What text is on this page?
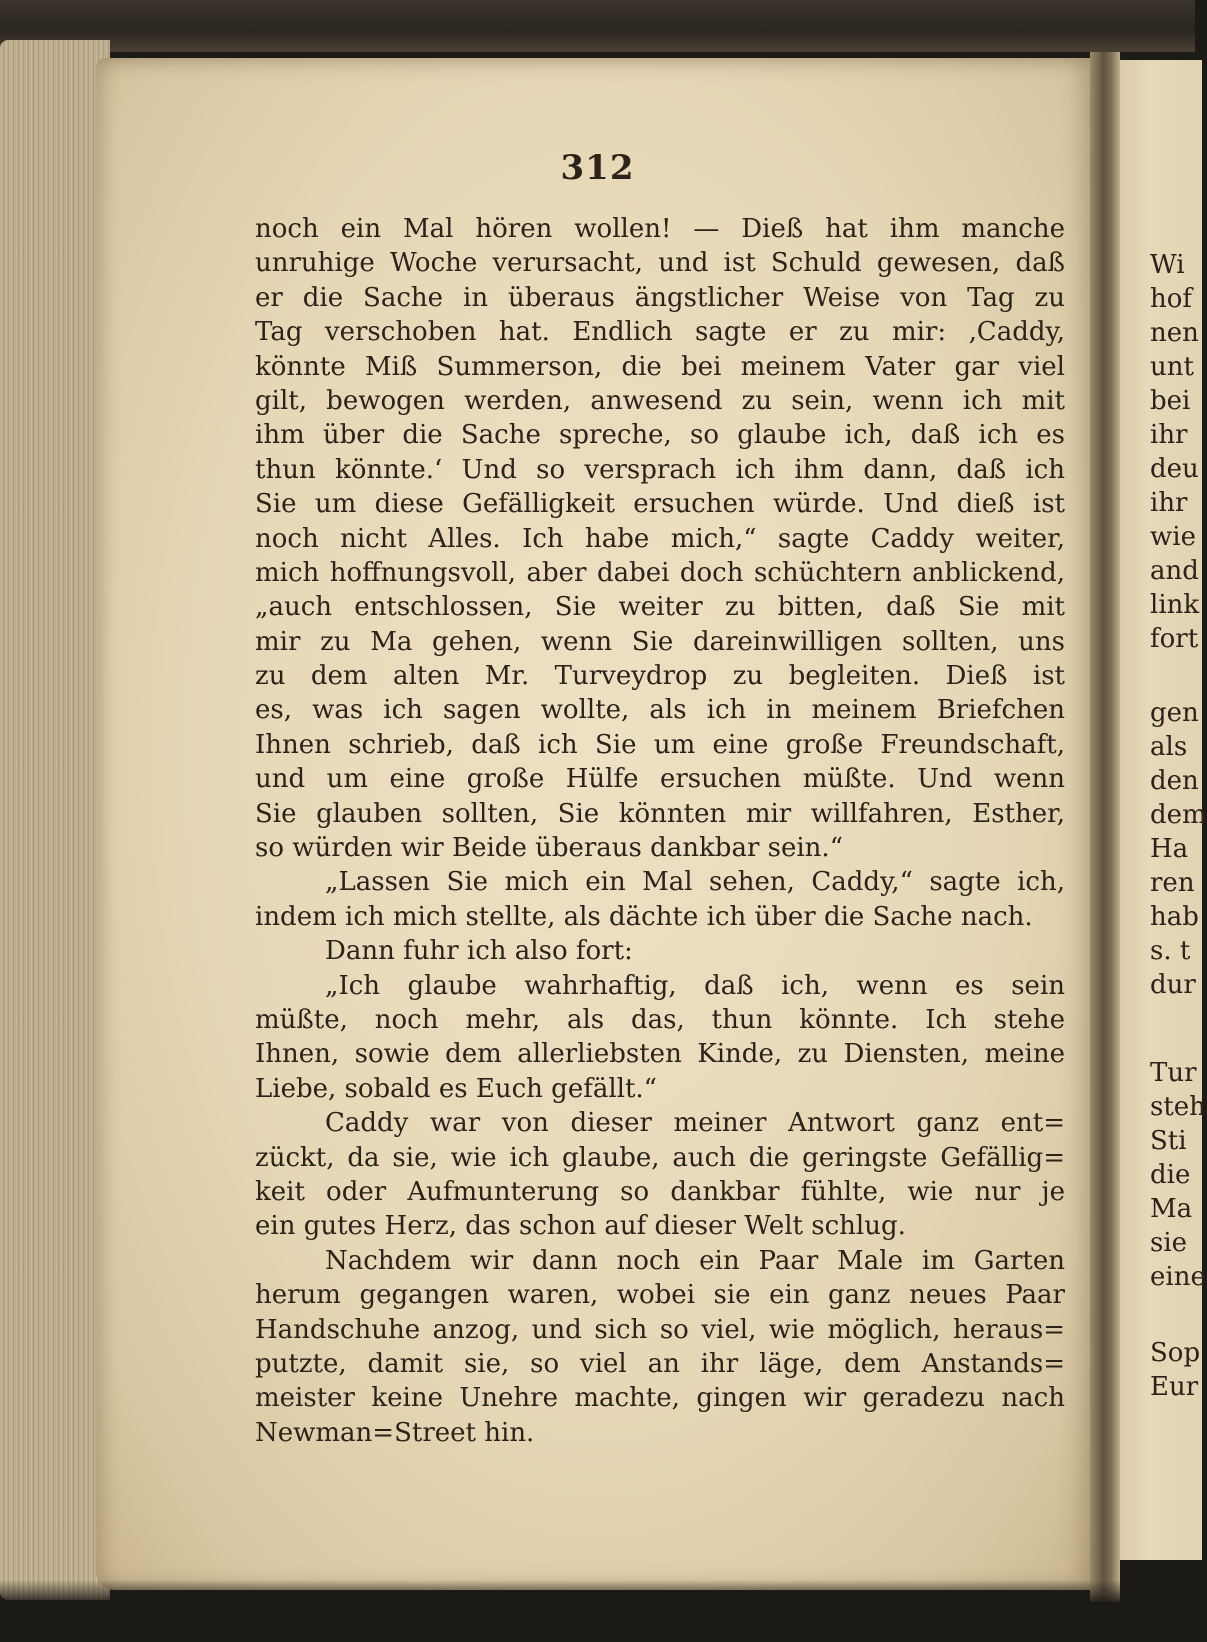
312
noch ein Mal hören wollen! — Dieß hat ihm manche
unruhige Woche verursacht, und ist Schuld gewesen, daß
er die Sache in überaus ängstlicher Weise von Tag zu
Tag verschoben hat. Endlich sagte er zu mir: ‚Caddy,
könnte Miß Summerson, die bei meinem Vater gar viel
gilt, bewogen werden, anwesend zu sein, wenn ich mit
ihm über die Sache spreche, so glaube ich, daß ich es
thun könnte.‘ Und so versprach ich ihm dann, daß ich
Sie um diese Gefälligkeit ersuchen würde. Und dieß ist
noch nicht Alles. Ich habe mich,“ sagte Caddy weiter,
mich hoffnungsvoll, aber dabei doch schüchtern anblickend,
„auch entschlossen, Sie weiter zu bitten, daß Sie mit
mir zu Ma gehen, wenn Sie dareinwilligen sollten, uns
zu dem alten Mr. Turveydrop zu begleiten. Dieß ist
es, was ich sagen wollte, als ich in meinem Briefchen
Ihnen schrieb, daß ich Sie um eine große Freundschaft,
und um eine große Hülfe ersuchen müßte. Und wenn
Sie glauben sollten, Sie könnten mir willfahren, Esther,
so würden wir Beide überaus dankbar sein.“
„Lassen Sie mich ein Mal sehen, Caddy,“ sagte ich,
indem ich mich stellte, als dächte ich über die Sache nach.
Dann fuhr ich also fort:
„Ich glaube wahrhaftig, daß ich, wenn es sein
müßte, noch mehr, als das, thun könnte. Ich stehe
Ihnen, sowie dem allerliebsten Kinde, zu Diensten, meine
Liebe, sobald es Euch gefällt.“
Caddy war von dieser meiner Antwort ganz ent=
zückt, da sie, wie ich glaube, auch die geringste Gefällig=
keit oder Aufmunterung so dankbar fühlte, wie nur je
ein gutes Herz, das schon auf dieser Welt schlug.
Nachdem wir dann noch ein Paar Male im Garten
herum gegangen waren, wobei sie ein ganz neues Paar
Handschuhe anzog, und sich so viel, wie möglich, heraus=
putzte, damit sie, so viel an ihr läge, dem Anstands=
meister keine Unehre machte, gingen wir geradezu nach
Newman=Street hin.
Wi
hof
nen
unt
bei
ihr
deu
ihr
wie
and
link
fort
gen
als
den
dem
Ha
ren
hab
s. t
dur
Tur
steh
Sti
die
Ma
sie
eine
Sop
Eur
